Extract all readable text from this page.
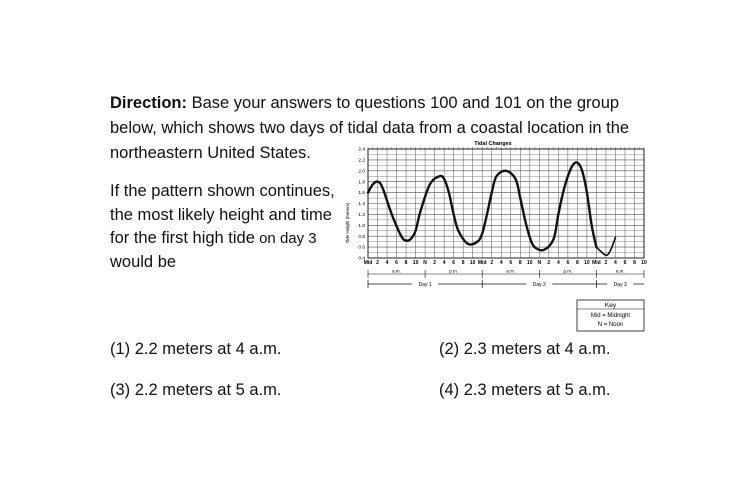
Direction: Base your answers to questions 100 and 101 on the group below, which shows two days of tidal data from a coastal location in the northeastern United States.
If the pattern shown continues,
the most likely height and time
for the first high tide on day 3
would be
(1) 2.2 meters at 4 a.m.	(2) 2.3 meters at 4 a.m.
(3) 2.2 meters at 5 a.m.	(4) 2.3 meters at 5 a.m.
Tidal Changes
Tide Height (meters)
2.4
2.2
2.0
1.8
1.6
1.4
1.2
1.0
0.8
0.6
0.4
Mid 2 4 6 8 10 N 2 4 6 8 10 Mid 2 4 6 8 10 N 2 4 6 8 10 Mid 2 4 6 8 10
a.m.	p.m.	a.m.	p.m.	a.m.
Day 1	Day 2	Day 3
Key
Mid = Midnight
N = Noon
